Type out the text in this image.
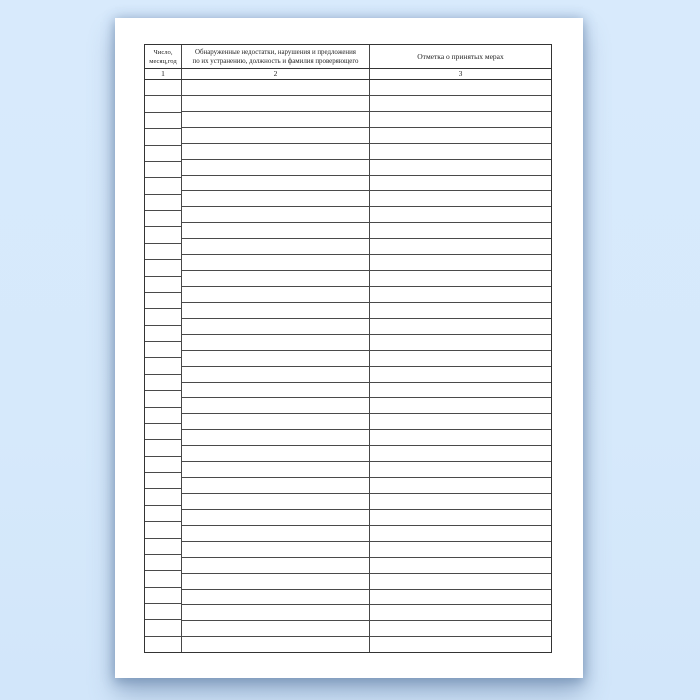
Число,
месяц,год
Обнаруженные недостатки, нарушения и предложения
по их устранению, должность и фамилия проверяющего
Отметка о принятых мерах
1	2	3
